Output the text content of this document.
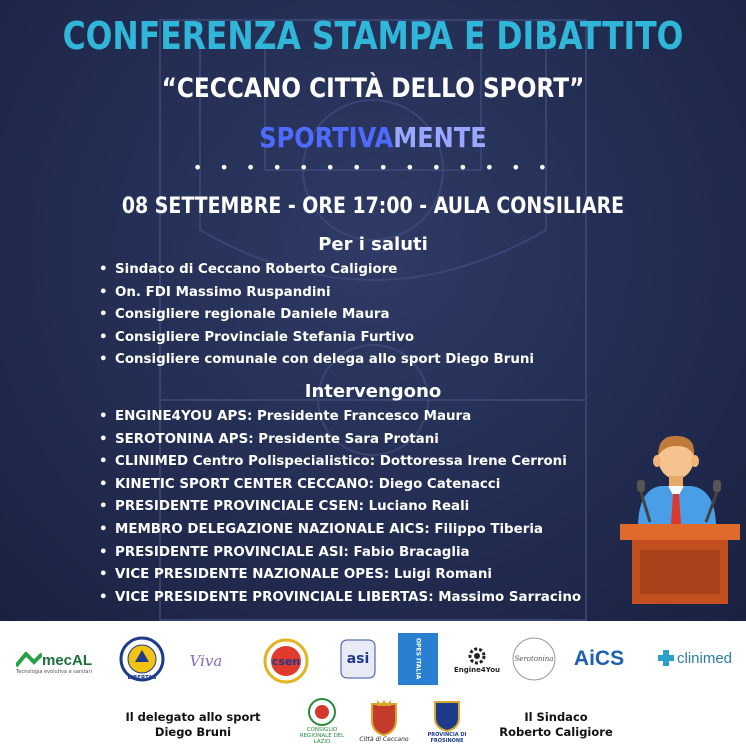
CONFERENZA STAMPA E DIBATTITO
“CECCANO CITTÀ DELLO SPORT”
SPORTIVAMENTE
• • • • • • • • • • • • • •
08 SETTEMBRE - ORE 17:00 - AULA CONSILIARE
Per i saluti
• Sindaco di Ceccano Roberto Caligiore
• On. FDI Massimo Ruspandini
• Consigliere regionale Daniele Maura
• Consigliere Provinciale Stefania Furtivo
• Consigliere comunale con delega allo sport Diego Bruni
Intervengono
• ENGINE4YOU APS: Presidente Francesco Maura
• SEROTONINA APS: Presidente Sara Protani
• CLINIMED Centro Polispecialistico: Dottoressa Irene Cerroni
• KINETIC SPORT CENTER CECCANO: Diego Catenacci
• PRESIDENTE PROVINCIALE CSEN: Luciano Reali
• MEMBRO DELEGAZIONE NAZIONALE AICS: Filippo Tiberia
• PRESIDENTE PROVINCIALE ASI: Fabio Bracaglia
• VICE PRESIDENTE NAZIONALE OPES: Luigi Romani
• VICE PRESIDENTE PROVINCIALE LIBERTAS: Massimo Sarracino
mecAL
Tecnologia evolutiva e sanitari
LIBERTAS
Viva	csen	asi	OPES ITALIA	Engine4You
Serotonina AiCS	clinimed
Il delegato allo sport
Diego Bruni	CONSIGLIO REGIONALE DEL LAZIO	Città di Ceccano
PROVINCIA DI FROSINONE
Il Sindaco
Roberto Caligiore
